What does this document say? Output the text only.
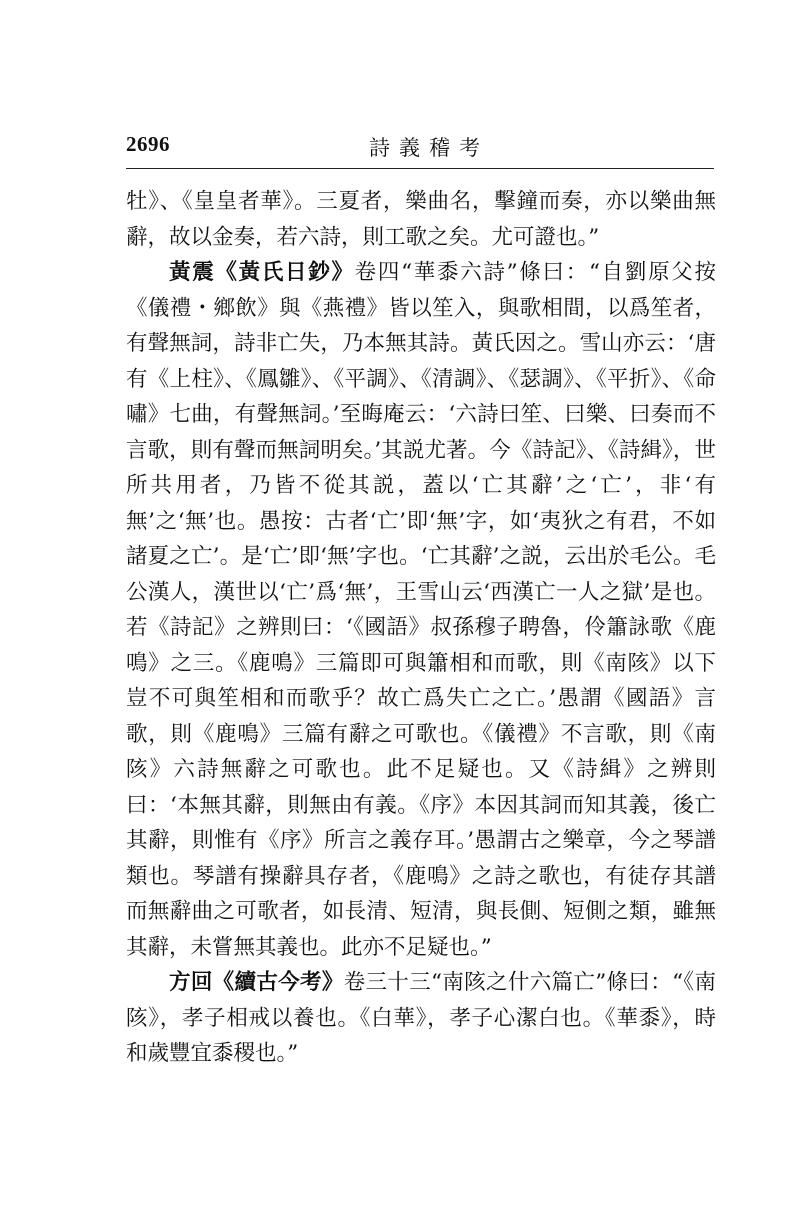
2696	詩義稽考

牡》、《皇皇者華》。三夏者，樂曲名，擊鐘而奏，亦以樂曲無辭，故以金奏，若六詩，則工歌之矣。尤可證也。”

黃震《黃氏日鈔》卷四“華黍六詩”條曰：“自劉原父按《儀禮・鄉飲》與《燕禮》皆以笙入，與歌相間，以爲笙者，有聲無詞，詩非亡失，乃本無其詩。黃氏因之。雪山亦云：‘唐有《上柱》、《鳳雛》、《平調》、《清調》、《瑟調》、《平折》、《命嘯》七曲，有聲無詞。’至晦庵云：‘六詩曰笙、曰樂、曰奏而不言歌，則有聲而無詞明矣。’其説尤著。今《詩記》、《詩緝》，世所共用者，乃皆不從其説，蓋以‘亡其辭’之‘亡’，非‘有無’之‘無’也。愚按：古者‘亡’即‘無’字，如‘夷狄之有君，不如諸夏之亡’。是‘亡’即‘無’字也。‘亡其辭’之説，云出於毛公。毛公漢人，漢世以‘亡’爲‘無’，王雪山云‘西漢亡一人之獄’是也。若《詩記》之辨則曰：‘《國語》叔孫穆子聘魯，伶簫詠歌《鹿鳴》之三。《鹿鳴》三篇即可與簫相和而歌，則《南陔》以下豈不可與笙相和而歌乎？故亡爲失亡之亡。’愚謂《國語》言歌，則《鹿鳴》三篇有辭之可歌也。《儀禮》不言歌，則《南陔》六詩無辭之可歌也。此不足疑也。又《詩緝》之辨則曰：‘本無其辭，則無由有義。《序》本因其詞而知其義，後亡其辭，則惟有《序》所言之義存耳。’愚謂古之樂章，今之琴譜類也。琴譜有操辭具存者，《鹿鳴》之詩之歌也，有徒存其譜而無辭曲之可歌者，如長清、短清，與長側、短側之類，雖無其辭，未嘗無其義也。此亦不足疑也。”

方回《續古今考》卷三十三“南陔之什六篇亡”條曰：“《南陔》，孝子相戒以養也。《白華》，孝子心潔白也。《華黍》，時和歲豐宜黍稷也。”
